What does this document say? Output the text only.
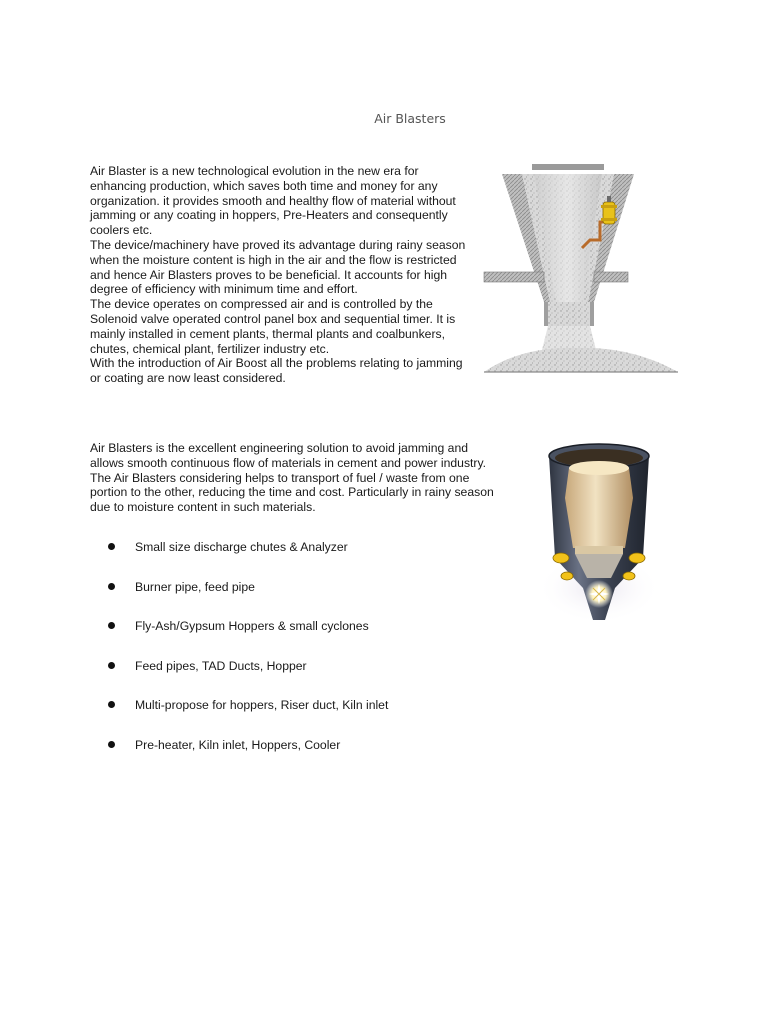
Air Blasters

Air Blaster is a new technological evolution in the new era for

enhancing production, which saves both time and money for any

organization. it provides smooth and healthy flow of material without

jamming or any coating in hoppers, Pre-Heaters and consequently

coolers etc.

The device/machinery have proved its advantage during rainy season

when the moisture content is high in the air and the flow is restricted

and hence Air Blasters proves to be beneficial. It accounts for high

degree of efficiency with minimum time and effort.

The device operates on compressed air and is controlled by the

Solenoid valve operated control panel box and sequential timer. It is

mainly installed in cement plants, thermal plants and coalbunkers,

chutes, chemical plant, fertilizer industry etc.

With the introduction of Air Boost all the problems relating to jamming

or coating are now least considered.

Air Blasters is the excellent engineering solution to avoid jamming and

allows smooth continuous flow of materials in cement and power industry.

The Air Blasters considering helps to transport of fuel / waste from one

portion to the other, reducing the time and cost. Particularly in rainy season

due to moisture content in such materials.

Small size discharge chutes & Analyzer
Burner pipe, feed pipe
Fly-Ash/Gypsum Hoppers & small cyclones
Feed pipes, TAD Ducts, Hopper
Multi-propose for hoppers, Riser duct, Kiln inlet
Pre-heater, Kiln inlet, Hoppers, Cooler
